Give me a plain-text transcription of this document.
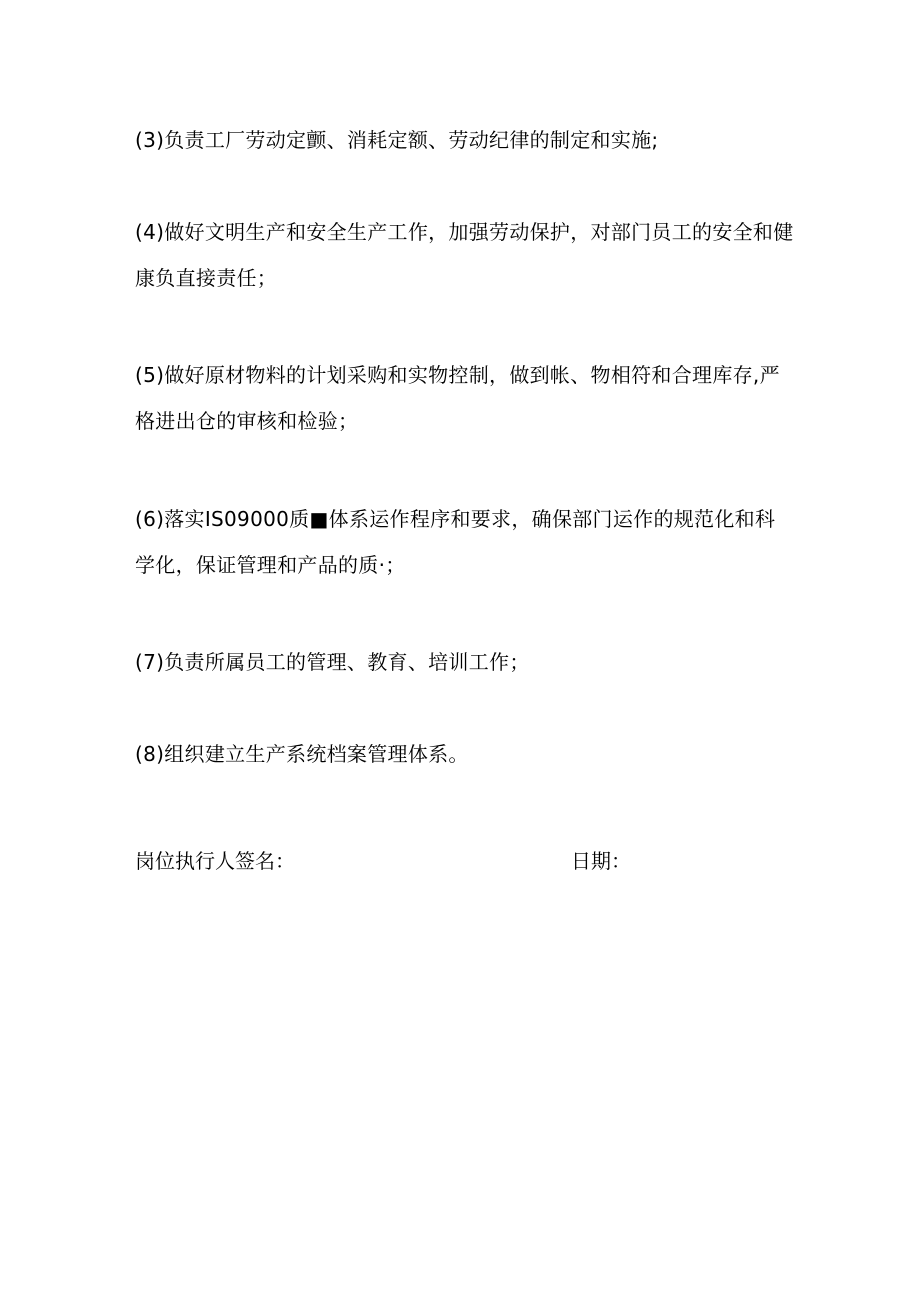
(3)负责工厂劳动定颤、消耗定额、劳动纪律的制定和实施;
(4)做好文明生产和安全生产工作，加强劳动保护，对部门员工的安全和健康负直接责任；
(5)做好原材物料的计划采购和实物控制，做到帐、物相符和合理库存,严格进出仓的审核和检验；
(6)落实IS09000质■体系运作程序和要求，确保部门运作的规范化和科学化，保证管理和产品的质·；
(7)负责所属员工的管理、教育、培训工作；
(8)组织建立生产系统档案管理体系。
岗位执行人签名：	日期：
